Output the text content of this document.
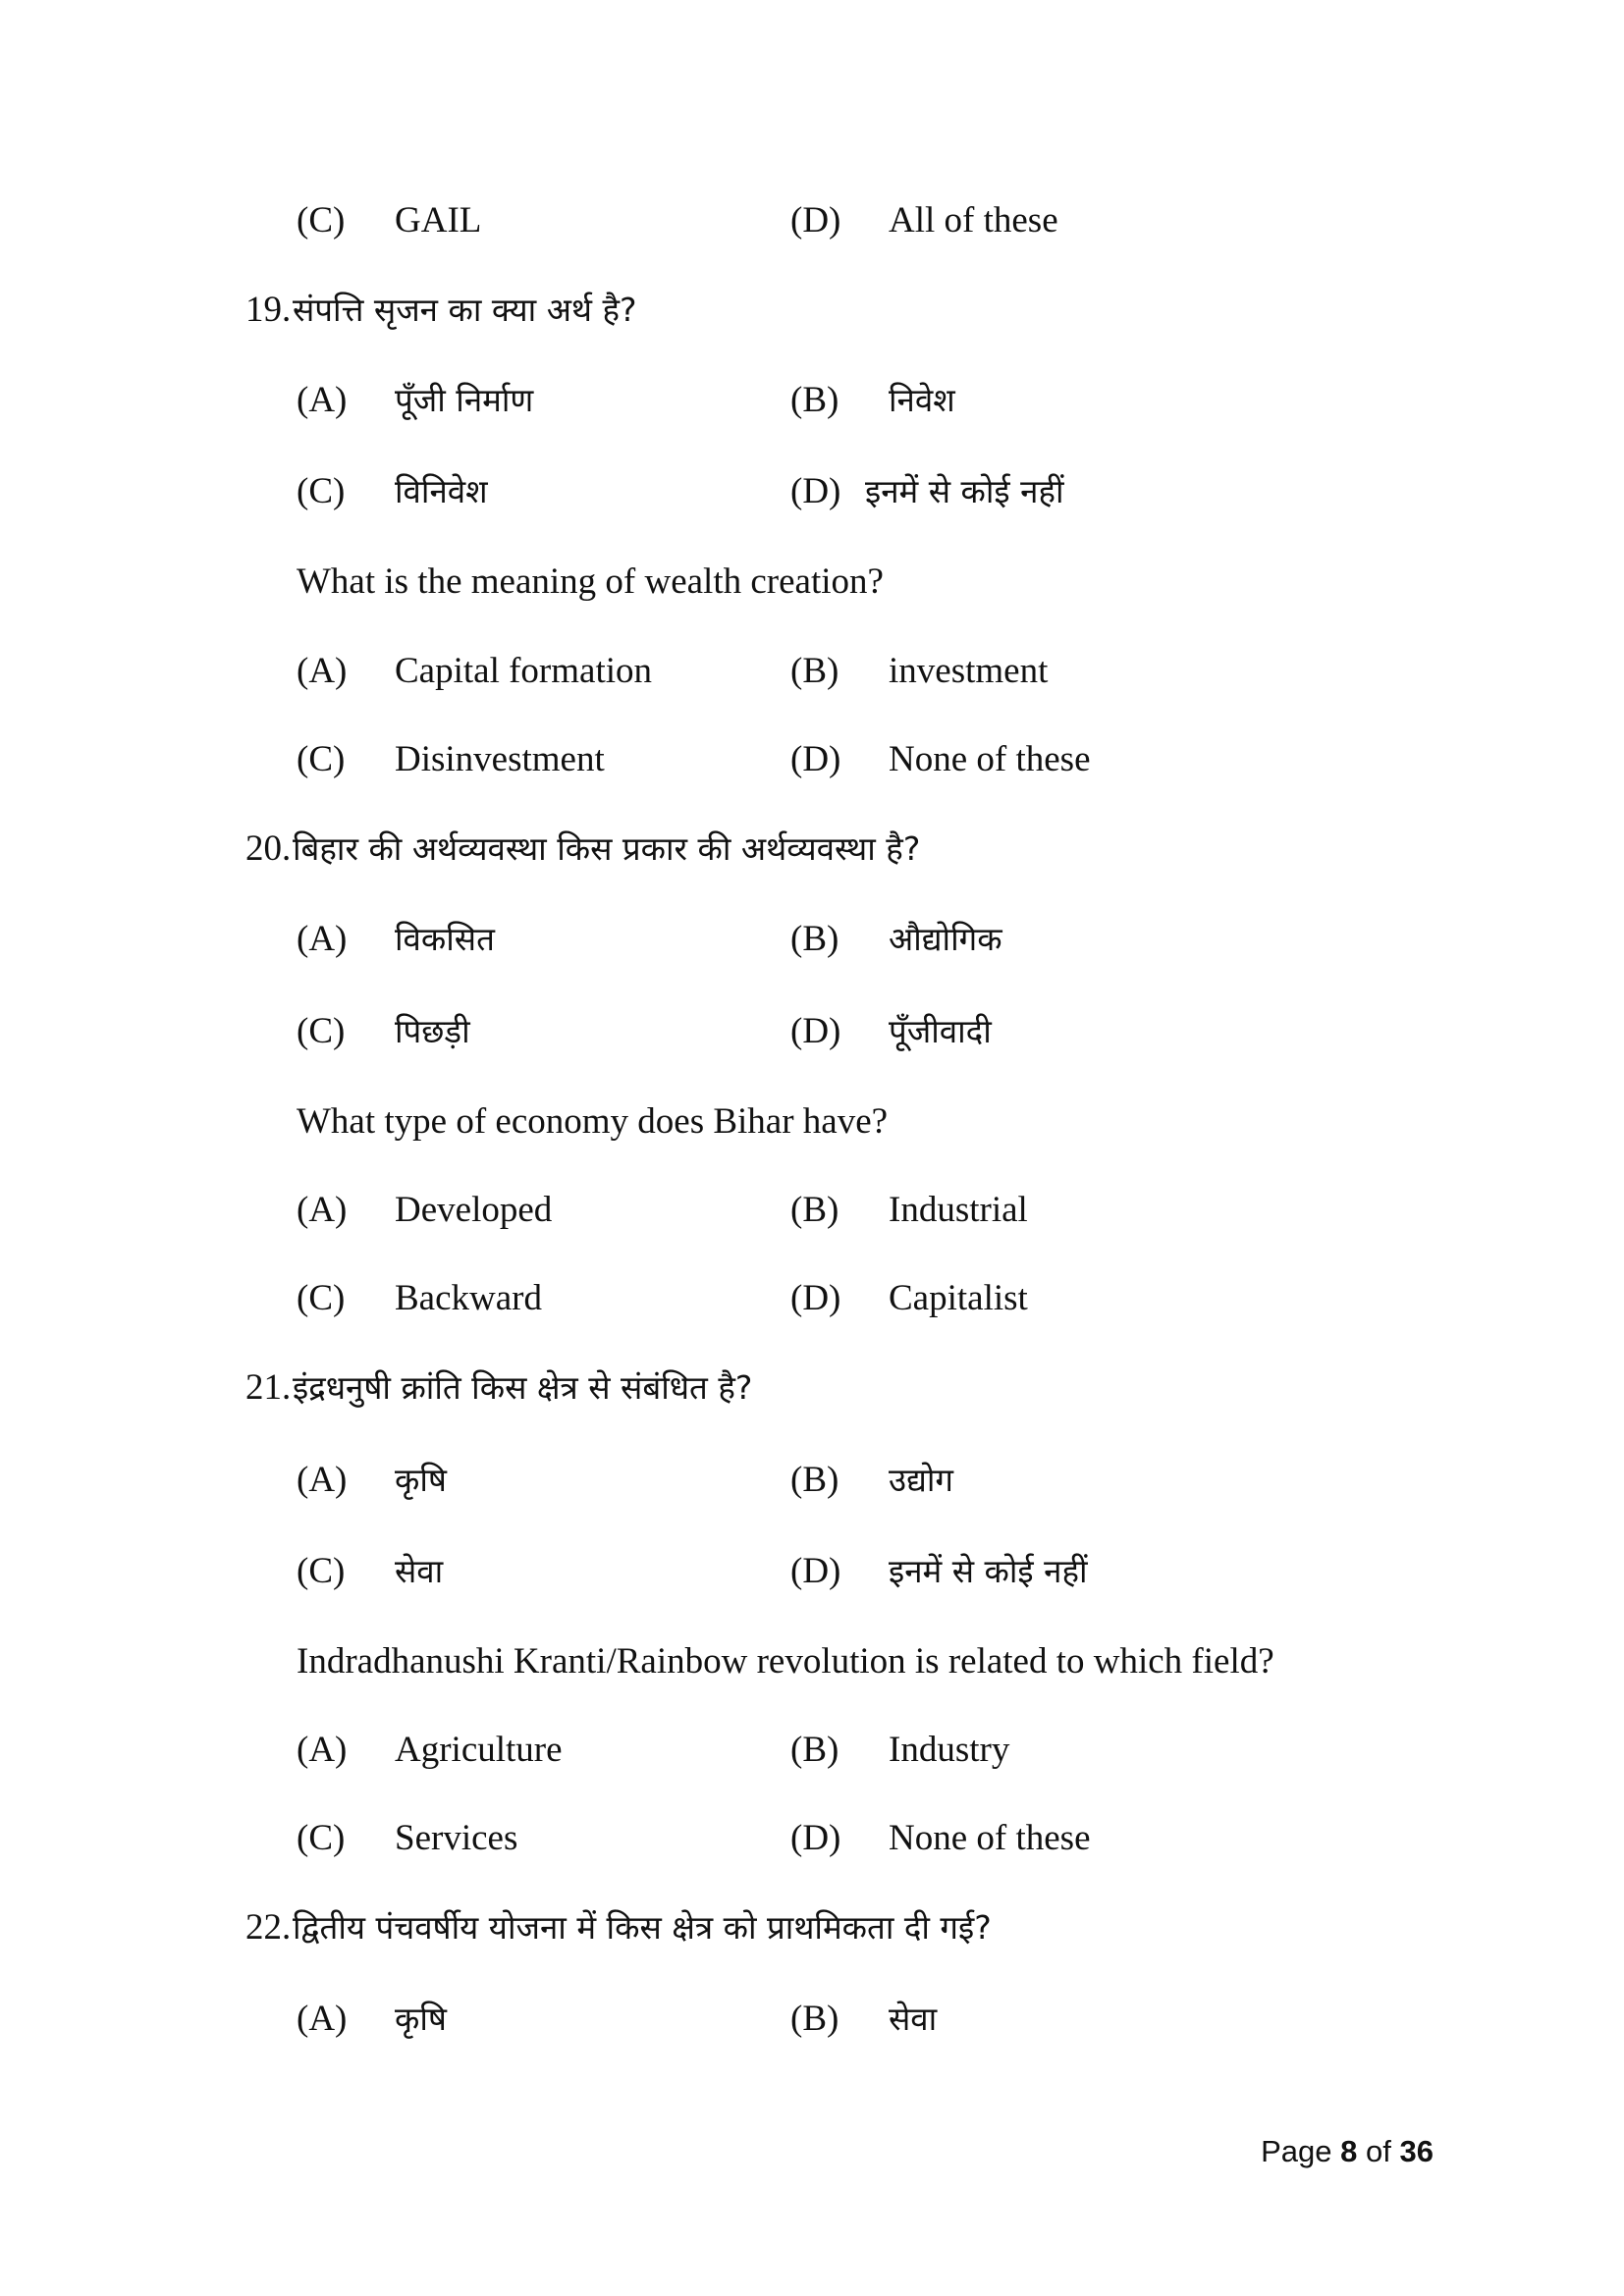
(C) GAIL	(D) All of these
19. संपत्ति सृजन का क्या अर्थ है?
(A) पूँजी निर्माण	(B) निवेश
(C) विनिवेश	(D) इनमें से कोई नहीं
What is the meaning of wealth creation?
(A) Capital formation	(B) investment
(C) Disinvestment	(D) None of these
20. बिहार की अर्थव्यवस्था किस प्रकार की अर्थव्यवस्था है?
(A) विकसित	(B) औद्योगिक
(C) पिछड़ी	(D) पूँजीवादी
What type of economy does Bihar have?
(A) Developed	(B) Industrial
(C) Backward	(D) Capitalist
21. इंद्रधनुषी क्रांति किस क्षेत्र से संबंधित है?
(A) कृषि	(B) उद्योग
(C) सेवा	(D) इनमें से कोई नहीं
Indradhanushi Kranti/Rainbow revolution is related to which field?
(A) Agriculture	(B) Industry
(C) Services	(D) None of these
22. द्वितीय पंचवर्षीय योजना में किस क्षेत्र को प्राथमिकता दी गई?
(A) कृषि	(B) सेवा
Page 8 of 36
